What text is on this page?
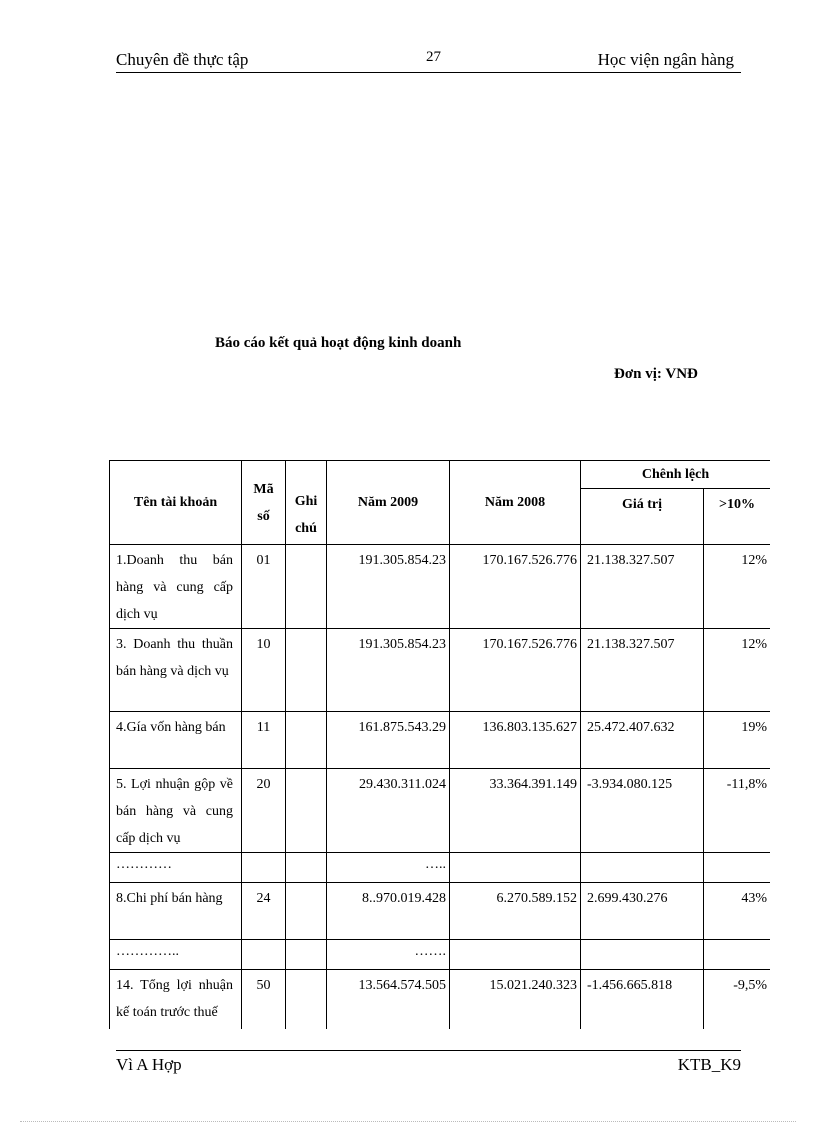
Chuyên đề thực tập	27	Học viện ngân hàng
Báo cáo kết quả hoạt động kinh doanh
Đơn vị: VNĐ
Tên tài khoản	Mã số	Ghi chú	Năm 2009	Năm 2008	Chênh lệch	
					Giá trị	>10%
1.Doanh thu bán hàng và cung cấp dịch vụ	01		191.305.854.23	170.167.526.776	21.138.327.507	12%
3. Doanh thu thuần bán hàng và dịch vụ	10		191.305.854.23	170.167.526.776	21.138.327.507	12%
4.Gía vốn hàng bán	11		161.875.543.29	136.803.135.627	25.472.407.632	19%
5. Lợi nhuận gộp về bán hàng và cung cấp dịch vụ	20		29.430.311.024	33.364.391.149	-3.934.080.125	-11,8%
…………			…..			
8.Chi phí bán hàng	24		8..970.019.428	6.270.589.152	2.699.430.276	43%
…………..			…….			
14. Tổng lợi nhuận kế toán trước thuế	50		13.564.574.505	15.021.240.323	-1.456.665.818	-9,5%
Vì A Hợp	KTB_K9
